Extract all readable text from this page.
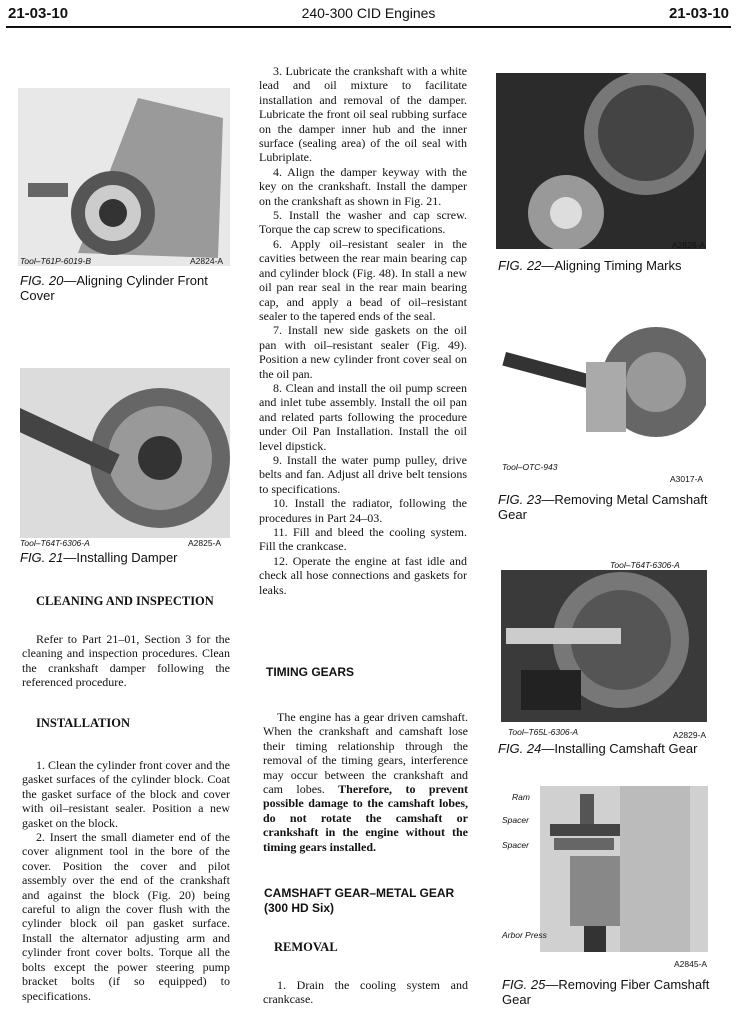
21-03-10	240-300 CID Engines	21-03-10
Tool–T61P-6019-B	A2824-A
FIG. 20—Aligning Cylinder Front Cover
Tool–T64T-6306-A	A2825-A
FIG. 21—Installing Damper
CLEANING AND INSPECTION

Refer to Part 21–01, Section 3 for the cleaning and inspection procedures. Clean the crankshaft damper following the referenced procedure.

INSTALLATION

1. Clean the cylinder front cover and the gasket surfaces of the cylinder block. Coat the gasket surface of the block and cover with oil–resistant sealer. Position a new gasket on the block.

2. Insert the small diameter end of the cover alignment tool in the bore of the cover. Position the cover and pilot assembly over the end of the crankshaft and against the block (Fig. 20) being careful to align the cover flush with the cylinder block oil pan gasket surface. Install the alternator adjusting arm and cylinder front cover bolts. Torque all the bolts except the power steering pump bracket bolts (if so equipped) to specifications.

3. Lubricate the crankshaft with a white lead and oil mixture to facilitate installation and removal of the damper. Lubricate the front oil seal rubbing surface on the damper inner hub and the inner surface (sealing area) of the oil seal with Lubriplate.

4. Align the damper keyway with the key on the crankshaft. Install the damper on the crankshaft as shown in Fig. 21.

5. Install the washer and cap screw. Torque the cap screw to specifications.

6. Apply oil–resistant sealer in the cavities between the rear main bearing cap and cylinder block (Fig. 48). In stall a new oil pan rear seal in the rear main bearing cap, and apply a bead of oil–resistant sealer to the tapered ends of the seal.

7. Install new side gaskets on the oil pan with oil–resistant sealer (Fig. 49). Position a new cylinder front cover seal on the oil pan.

8. Clean and install the oil pump screen and inlet tube assembly. Install the oil pan and related parts following the procedure under Oil Pan Installation. Install the oil level dipstick.

9. Install the water pump pulley, drive belts and fan. Adjust all drive belt tensions to specifications.

10. Install the radiator, following the procedures in Part 24–03.

11. Fill and bleed the cooling system. Fill the crankcase.

12. Operate the engine at fast idle and check all hose connections and gaskets for leaks.

TIMING GEARS

The engine has a gear driven camshaft. When the crankshaft and camshaft lose their timing relationship through the removal of the timing gears, interference may occur between the crankshaft and cam lobes. Therefore, to prevent possible damage to the camshaft lobes, do not rotate the camshaft or crankshaft in the engine without the timing gears installed.

CAMSHAFT GEAR–METAL GEAR (300 HD Six)
REMOVAL

1. Drain the cooling system and crankcase.

A2826-A
FIG. 22—Aligning Timing Marks
Tool–OTC-943
A3017-A
FIG. 23—Removing Metal Camshaft Gear
Tool–T64T-6306-A
Tool–T65L-6306-A	A2829-A
FIG. 24—Installing Camshaft Gear
Ram
Spacer
Spacer
Arbor Press
A2845-A
FIG. 25—Removing Fiber Camshaft Gear
